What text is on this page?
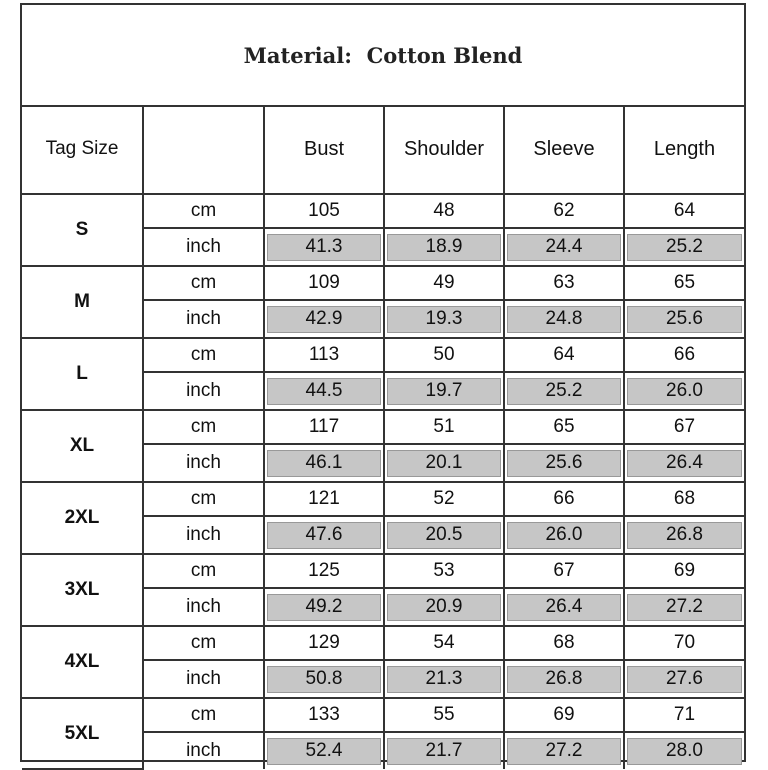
Material:
Cotton Blend
Tag Size		Bust	Shoulder	Sleeve	Length
S	cm	105	48	62	64
	inch	41.3	18.9	24.4	25.2

M	cm	109	49	63	65
	inch	42.9	19.3	24.8	25.6

L	cm	113	50	64	66
	inch	44.5	19.7	25.2	26.0

XL	cm	117	51	65	67
	inch	46.1	20.1	25.6	26.4

2XL	cm	121	52	66	68
	inch	47.6	20.5	26.0	26.8

3XL	cm	125	53	67	69
	inch	49.2	20.9	26.4	27.2

4XL	cm	129	54	68	70
	inch	50.8	21.3	26.8	27.6

5XL	cm	133	55	69	71
	inch	52.4	21.7	27.2	28.0
